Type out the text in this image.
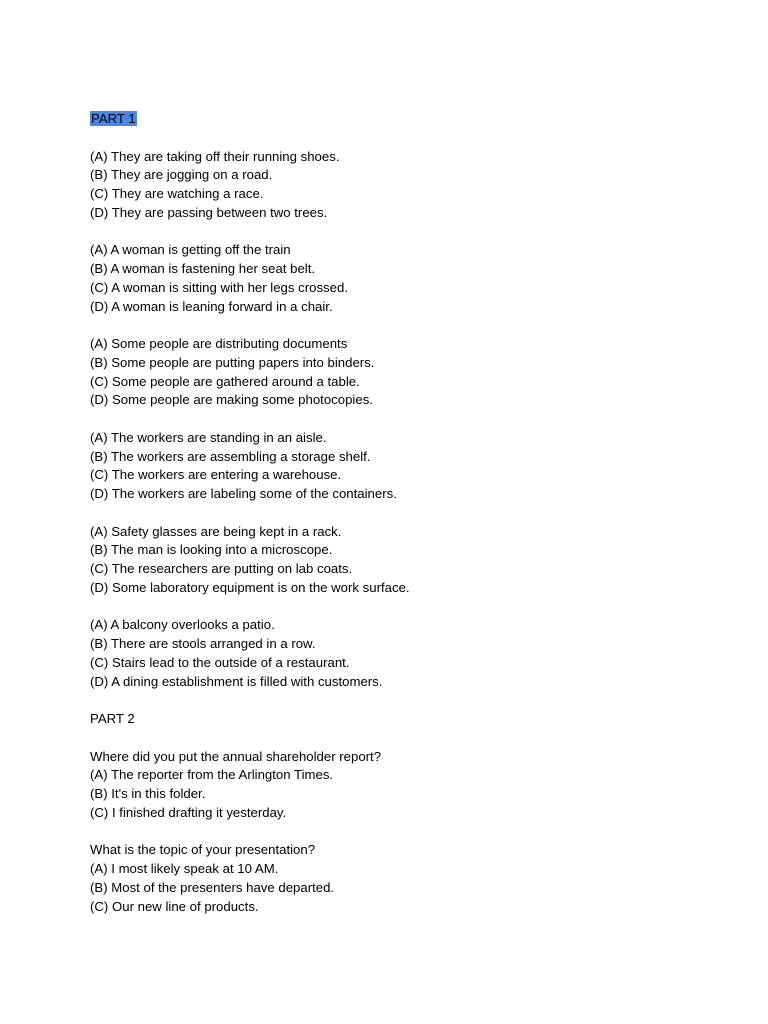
PART 1
(A) They are taking off their running shoes.
(B) They are jogging on a road.
(C) They are watching a race.
(D) They are passing between two trees.
(A) A woman is getting off the train
(B) A woman is fastening her seat belt.
(C) A woman is sitting with her legs crossed.
(D) A woman is leaning forward in a chair.
(A) Some people are distributing documents
(B) Some people are putting papers into binders.
(C) Some people are gathered around a table.
(D) Some people are making some photocopies.
(A) The workers are standing in an aisle.
(B) The workers are assembling a storage shelf.
(C) The workers are entering a warehouse.
(D) The workers are labeling some of the containers.
(A) Safety glasses are being kept in a rack.
(B) The man is looking into a microscope.
(C) The researchers are putting on lab coats.
(D) Some laboratory equipment is on the work surface.
(A) A balcony overlooks a patio.
(B) There are stools arranged in a row.
(C) Stairs lead to the outside of a restaurant.
(D) A dining establishment is filled with customers.
PART 2
Where did you put the annual shareholder report?
(A) The reporter from the Arlington Times.
(B) It's in this folder.
(C) I finished drafting it yesterday.
What is the topic of your presentation?
(A) I most likely speak at 10 AM.
(B) Most of the presenters have departed.
(C) Our new line of products.
